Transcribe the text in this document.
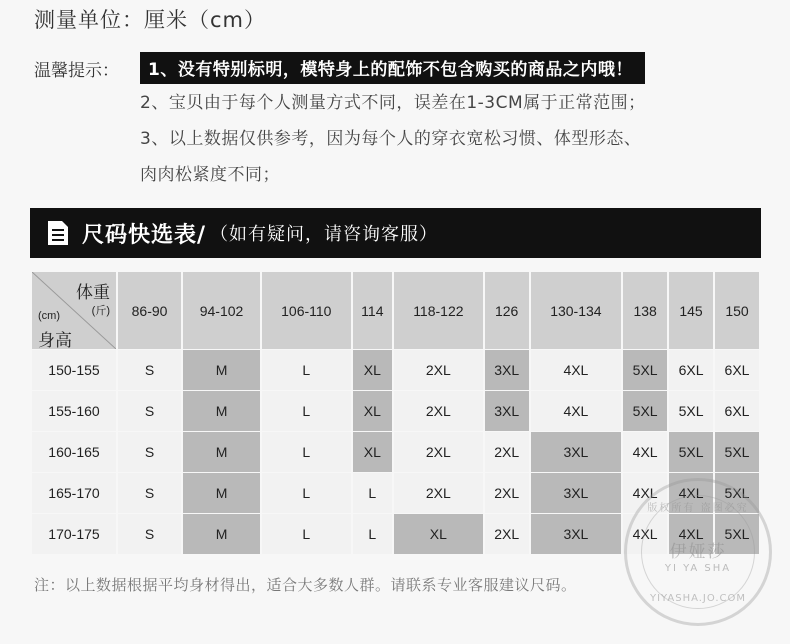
测量单位：厘米（cm）
温馨提示：	1、没有特别标明，模特身上的配饰不包含购买的商品之内哦！
2、宝贝由于每个人测量方式不同，误差在1-3CM属于正常范围；
3、以上数据仅供参考，因为每个人的穿衣宽松习惯、体型形态、
肉肉松紧度不同；
尺码快选表/ （如有疑问，请咨询客服）
体重
(斤)
(cm)
身高	86-90	94-102	106-110	114	118-122	126	130-134	138	145	150
150-155	S	M	L	XL	2XL	3XL	4XL	5XL	6XL	6XL
155-160	S	M	L	XL	2XL	3XL	4XL	5XL	5XL	6XL
160-165	S	M	L	XL	2XL	2XL	3XL	4XL	5XL	5XL
165-170	S	M	L	L	2XL	2XL	3XL	4XL	4XL	5XL
170-175	S	M	L	L	XL	2XL	3XL	4XL	4XL	5XL
注：以上数据根据平均身材得出，适合大多数人群。请联系专业客服建议尺码。
版权所有 盗图必究
伊娅莎
YI YA SHA
YIYASHA.JO.COM
